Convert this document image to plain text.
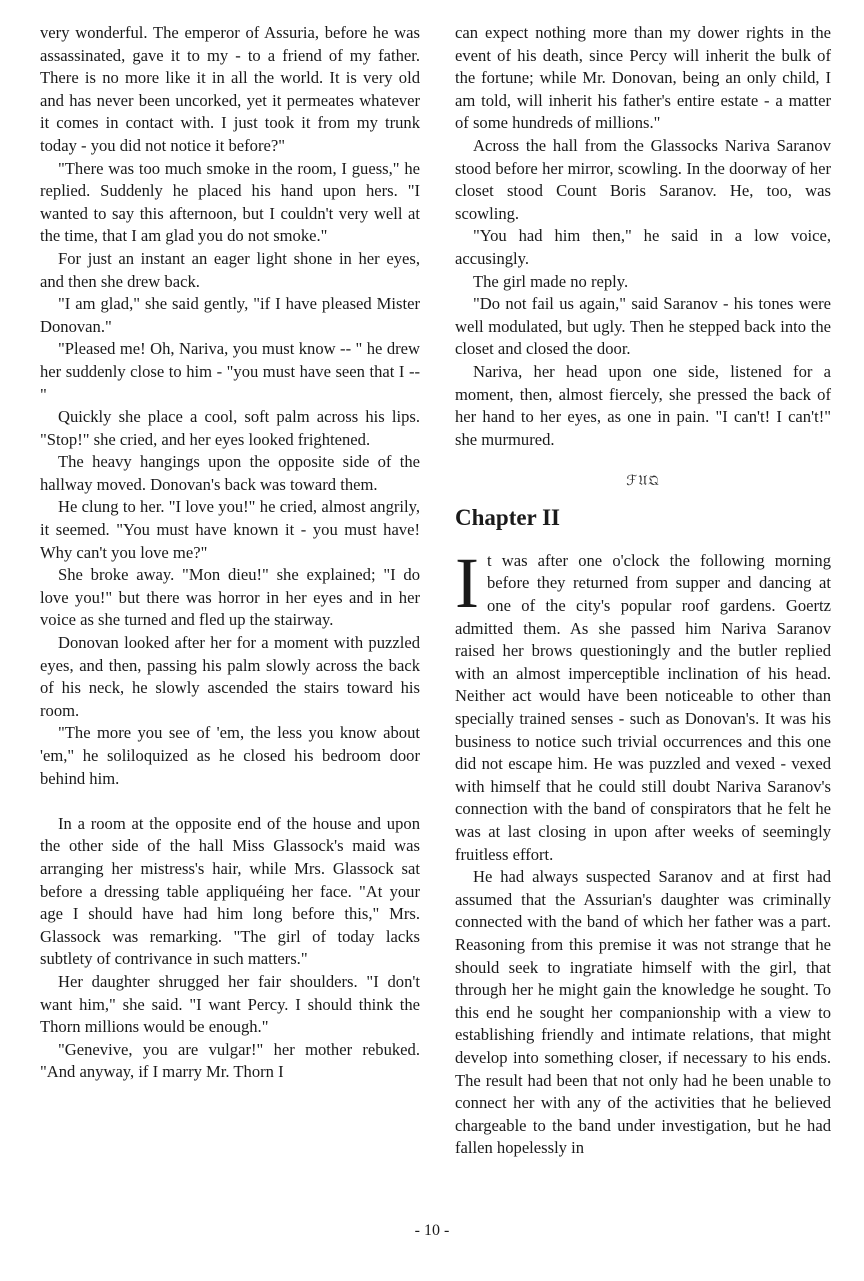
very wonderful. The emperor of Assuria, before he was assassinated, gave it to my - to a friend of my father. There is no more like it in all the world. It is very old and has never been uncorked, yet it permeates whatever it comes in contact with. I just took it from my trunk today - you did not notice it before?"

"There was too much smoke in the room, I guess," he replied. Suddenly he placed his hand upon hers. "I wanted to say this afternoon, but I couldn't very well at the time, that I am glad you do not smoke."

For just an instant an eager light shone in her eyes, and then she drew back.

"I am glad," she said gently, "if I have pleased Mister Donovan."

"Pleased me! Oh, Nariva, you must know -- " he drew her suddenly close to him - "you must have seen that I -- "

Quickly she place a cool, soft palm across his lips. "Stop!" she cried, and her eyes looked frightened.

The heavy hangings upon the opposite side of the hallway moved. Donovan's back was toward them.

He clung to her. "I love you!" he cried, almost angrily, it seemed. "You must have known it - you must have! Why can't you love me?"

She broke away. "Mon dieu!" she explained; "I do love you!" but there was horror in her eyes and in her voice as she turned and fled up the stairway.

Donovan looked after her for a moment with puzzled eyes, and then, passing his palm slowly across the back of his neck, he slowly ascended the stairs toward his room.

"The more you see of 'em, the less you know about 'em," he soliloquized as he closed his bedroom door behind him.

In a room at the opposite end of the house and upon the other side of the hall Miss Glassock's maid was arranging her mistress's hair, while Mrs. Glassock sat before a dressing table appliquéing her face. "At your age I should have had him long before this," Mrs. Glassock was remarking. "The girl of today lacks subtlety of contrivance in such matters."

Her daughter shrugged her fair shoulders. "I don't want him," she said. "I want Percy. I should think the Thorn millions would be enough."

"Genevive, you are vulgar!" her mother rebuked. "And anyway, if I marry Mr. Thorn I

can expect nothing more than my dower rights in the event of his death, since Percy will inherit the bulk of the fortune; while Mr. Donovan, being an only child, I am told, will inherit his father's entire estate - a matter of some hundreds of millions."

Across the hall from the Glassocks Nariva Saranov stood before her mirror, scowling. In the doorway of her closet stood Count Boris Saranov. He, too, was scowling.

"You had him then," he said in a low voice, accusingly.

The girl made no reply.

"Do not fail us again," said Saranov - his tones were well modulated, but ugly. Then he stepped back into the closet and closed the door.

Nariva, her head upon one side, listened for a moment, then, almost fiercely, she pressed the back of her hand to her eyes, as one in pain. "I can't! I can't!" she murmured.

ℱ𝔘𝔔
Chapter II

It was after one o'clock the following morning before they returned from supper and dancing at one of the city's popular roof gardens. Goertz admitted them. As she passed him Nariva Saranov raised her brows questioningly and the butler replied with an almost imperceptible inclination of his head. Neither act would have been noticeable to other than specially trained senses - such as Donovan's. It was his business to notice such trivial occurrences and this one did not escape him. He was puzzled and vexed - vexed with himself that he could still doubt Nariva Saranov's connection with the band of conspirators that he felt he was at last closing in upon after weeks of seemingly fruitless effort.

He had always suspected Saranov and at first had assumed that the Assurian's daughter was criminally connected with the band of which her father was a part. Reasoning from this premise it was not strange that he should seek to ingratiate himself with the girl, that through her he might gain the knowledge he sought. To this end he sought her companionship with a view to establishing friendly and intimate relations, that might develop into something closer, if necessary to his ends. The result had been that not only had he been unable to connect her with any of the activities that he believed chargeable to the band under investigation, but he had fallen hopelessly in

- 10 -
